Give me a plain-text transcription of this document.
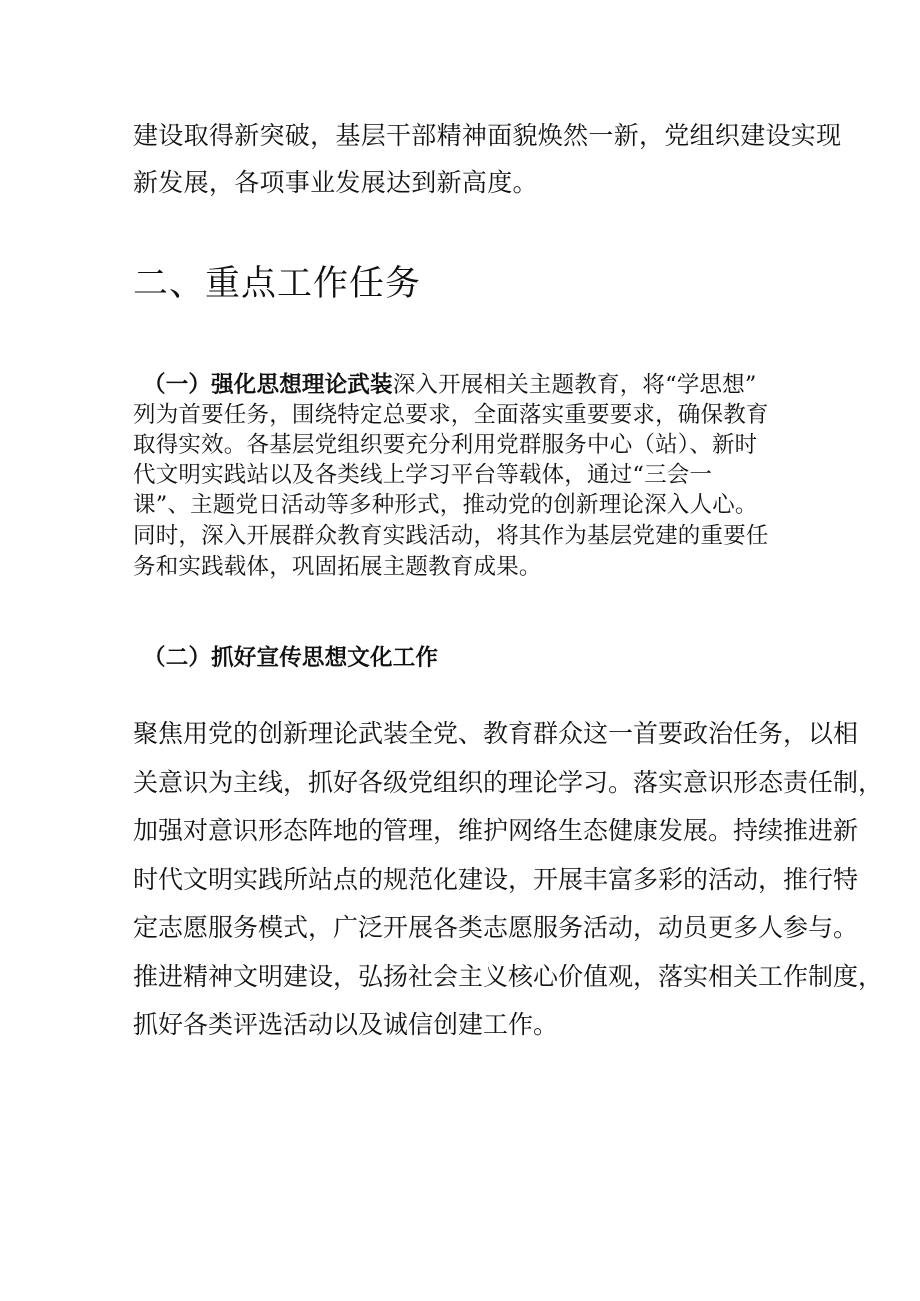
建设取得新突破，基层干部精神面貌焕然一新，党组织建设实现

新发展，各项事业发展达到新高度。

二、重点工作任务

（一）强化思想理论武装深入开展相关主题教育，将“学思想”

列为首要任务，围绕特定总要求，全面落实重要要求，确保教育

取得实效。各基层党组织要充分利用党群服务中心（站）、新时

代文明实践站以及各类线上学习平台等载体，通过“三会一

课”、主题党日活动等多种形式，推动党的创新理论深入人心。

同时，深入开展群众教育实践活动，将其作为基层党建的重要任

务和实践载体，巩固拓展主题教育成果。

（二）抓好宣传思想文化工作

聚焦用党的创新理论武装全党、教育群众这一首要政治任务，以相

关意识为主线，抓好各级党组织的理论学习。落实意识形态责任制，

加强对意识形态阵地的管理，维护网络生态健康发展。持续推进新

时代文明实践所站点的规范化建设，开展丰富多彩的活动，推行特

定志愿服务模式，广泛开展各类志愿服务活动，动员更多人参与。

推进精神文明建设，弘扬社会主义核心价值观，落实相关工作制度，

抓好各类评选活动以及诚信创建工作。
